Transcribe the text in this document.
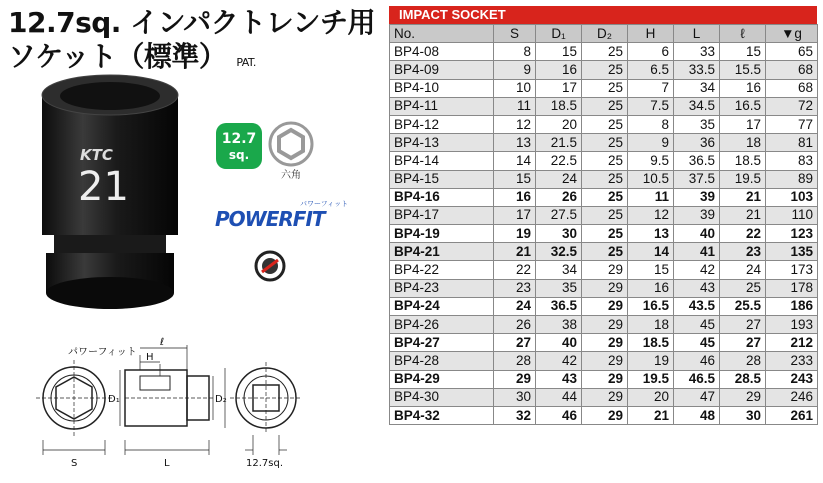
12.7sq. インパクトレンチ用
ソケット（標準） PAT.
KTC
21
12.7
sq.
六角
POWERFIT
パワーフィット
パワーフィット
ℓ
H
D₁	D₂
S	L	12.7sq.
IMPACT SOCKET
No.	S	D₁	D₂	H	L	ℓ	▼g
BP4-08	8	15	25	6	33	15	65
BP4-09	9	16	25	6.5	33.5	15.5	68
BP4-10	10	17	25	7	34	16	68
BP4-11	11	18.5	25	7.5	34.5	16.5	72
BP4-12	12	20	25	8	35	17	77
BP4-13	13	21.5	25	9	36	18	81
BP4-14	14	22.5	25	9.5	36.5	18.5	83
BP4-15	15	24	25	10.5	37.5	19.5	89
BP4-16	16	26	25	11	39	21	103
BP4-17	17	27.5	25	12	39	21	110
BP4-19	19	30	25	13	40	22	123
BP4-21	21	32.5	25	14	41	23	135
BP4-22	22	34	29	15	42	24	173
BP4-23	23	35	29	16	43	25	178
BP4-24	24	36.5	29	16.5	43.5	25.5	186
BP4-26	26	38	29	18	45	27	193
BP4-27	27	40	29	18.5	45	27	212
BP4-28	28	42	29	19	46	28	233
BP4-29	29	43	29	19.5	46.5	28.5	243
BP4-30	30	44	29	20	47	29	246
BP4-32	32	46	29	21	48	30	261
